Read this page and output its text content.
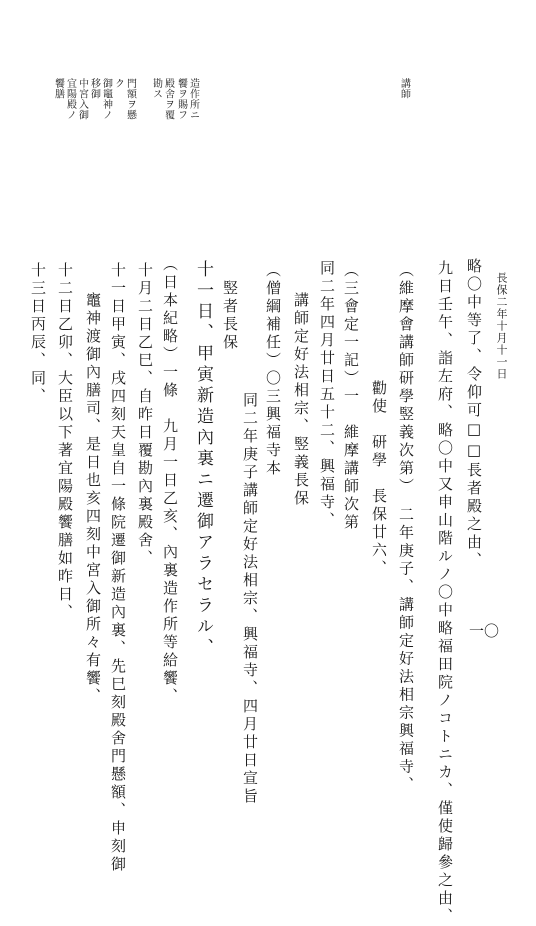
一〇
長保二年十月十一日
略〇中等了、令仰可□□長者殿之由、
九日壬午、詣左府、略〇中又申山階ルノ〇中略福田院ノコトニカ、僅使歸參之由、
（維摩會講師研學竪義次第）　二年庚子、講師定好法相宗興福寺、
勸使　研學　長保廿六、
（三會定一記）一　維摩講師次第
同二年四月廿日五十二、興福寺、
講師定好法相宗、竪義長保
（僧綱補任）〇三興福寺本
同二年庚子講師定好法相宗、興福寺、四月廿日宣旨
竪者長保
十一日、甲寅新造內裏ニ遷御アラセラル、
（日本紀略）一條　九月一日乙亥、內裏造作所等給饗、
十月二日乙巳、自昨日覆勘內裏殿舍、
十一日甲寅、戌四刻天皇自一條院遷御新造內裏、先巳刻殿舍門懸額、申刻御
竈神渡御內膳司、是日也亥四刻中宮入御所々有饗、
十二日乙卯、大臣以下著宜陽殿饗膳如昨日、
十三日丙辰、同、
講師
造作所ニ
饗ヲ賜フ
殿舍ヲ覆
勘ス
門額ヲ懸
ク
御竈神ノ
移御
中宮入御
宜陽殿ノ
饗膳
